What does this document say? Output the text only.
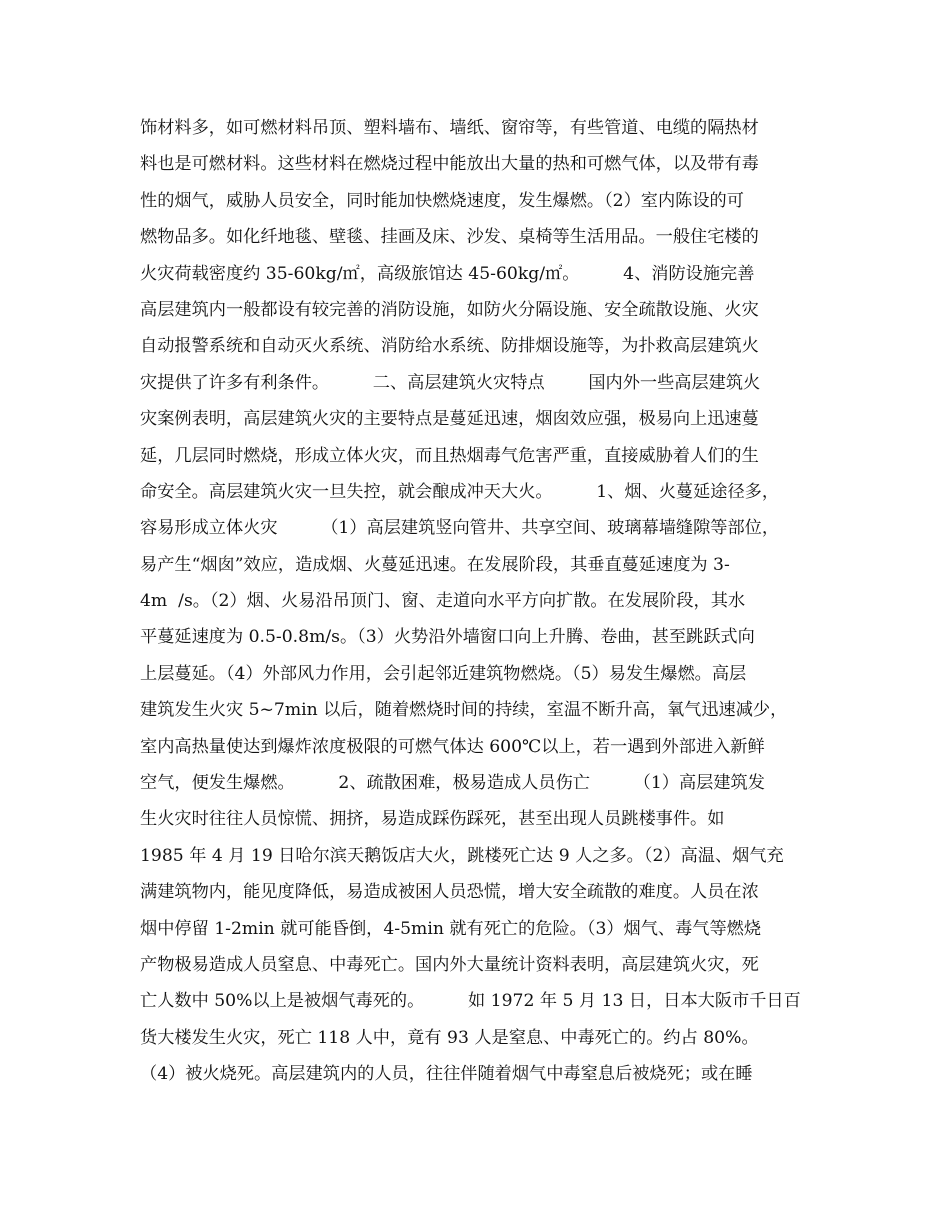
饰材料多，如可燃材料吊顶、塑料墙布、墙纸、窗帘等，有些管道、电缆的隔热材
料也是可燃材料。这些材料在燃烧过程中能放出大量的热和可燃气体，以及带有毒
性的烟气，威胁人员安全，同时能加快燃烧速度，发生爆燃。（2）室内陈设的可
燃物品多。如化纤地毯、壁毯、挂画及床、沙发、桌椅等生活用品。一般住宅楼的
火灾荷载密度约 35-60kg/㎡，高级旅馆达 45-60kg/㎡。        4、消防设施完善
高层建筑内一般都设有较完善的消防设施，如防火分隔设施、安全疏散设施、火灾
自动报警系统和自动灭火系统、消防给水系统、防排烟设施等，为扑救高层建筑火
灾提供了许多有利条件。        二、高层建筑火灾特点        国内外一些高层建筑火
灾案例表明，高层建筑火灾的主要特点是蔓延迅速，烟囱效应强，极易向上迅速蔓
延，几层同时燃烧，形成立体火灾，而且热烟毒气危害严重，直接威胁着人们的生
命安全。高层建筑火灾一旦失控，就会酿成冲天大火。        1、烟、火蔓延途径多，
容易形成立体火灾        （1）高层建筑竖向管井、共享空间、玻璃幕墙缝隙等部位，
易产生“烟囱”效应，造成烟、火蔓延迅速。在发展阶段，其垂直蔓延速度为 3-
4m  /s。（2）烟、火易沿吊顶门、窗、走道向水平方向扩散。在发展阶段，其水
平蔓延速度为 0.5-0.8m/s。（3）火势沿外墙窗口向上升腾、卷曲，甚至跳跃式向
上层蔓延。（4）外部风力作用，会引起邻近建筑物燃烧。（5）易发生爆燃。高层
建筑发生火灾 5~7min 以后，随着燃烧时间的持续，室温不断升高，氧气迅速减少，
室内高热量使达到爆炸浓度极限的可燃气体达 600℃以上，若一遇到外部进入新鲜
空气，便发生爆燃。        2、疏散困难，极易造成人员伤亡        （1）高层建筑发
生火灾时往往人员惊慌、拥挤，易造成踩伤踩死，甚至出现人员跳楼事件。如
1985 年 4 月 19 日哈尔滨天鹅饭店大火，跳楼死亡达 9 人之多。（2）高温、烟气充
满建筑物内，能见度降低，易造成被困人员恐慌，增大安全疏散的难度。人员在浓
烟中停留 1-2min 就可能昏倒，4-5min 就有死亡的危险。（3）烟气、毒气等燃烧
产物极易造成人员窒息、中毒死亡。国内外大量统计资料表明，高层建筑火灾，死
亡人数中 50%以上是被烟气毒死的。        如 1972 年 5 月 13 日，日本大阪市千日百
货大楼发生火灾，死亡 118 人中，竟有 93 人是窒息、中毒死亡的。约占 80%。
（4）被火烧死。高层建筑内的人员，往往伴随着烟气中毒窒息后被烧死；或在睡
